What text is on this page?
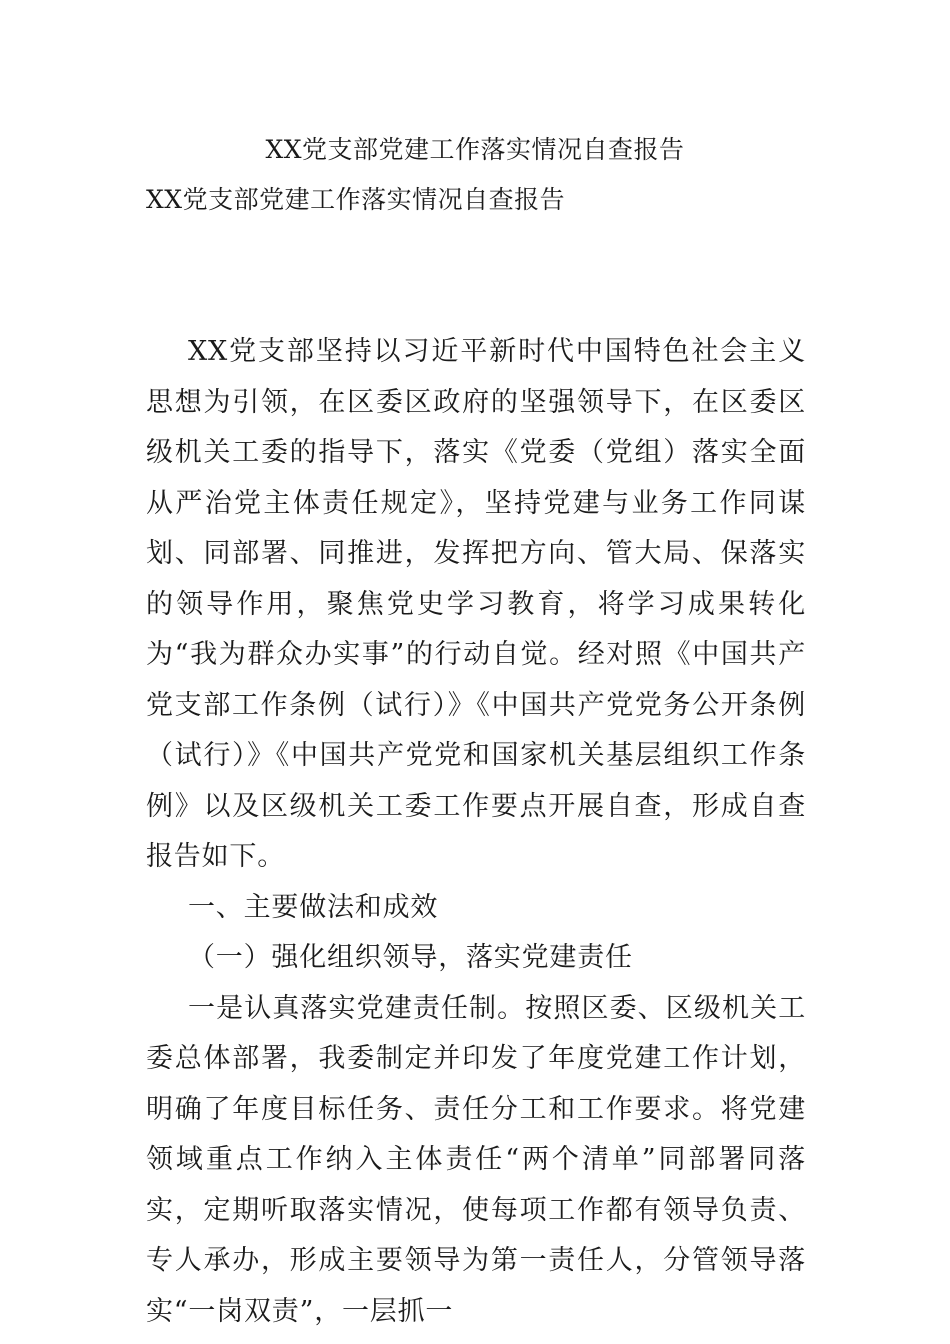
XX党支部党建工作落实情况自查报告
XX党支部党建工作落实情况自查报告

XX党支部坚持以习近平新时代中国特色社会主义思想为引领，在区委区政府的坚强领导下，在区委区级机关工委的指导下，落实《党委（党组）落实全面从严治党主体责任规定》，坚持党建与业务工作同谋划、同部署、同推进，发挥把方向、管大局、保落实的领导作用，聚焦党史学习教育，将学习成果转化为“我为群众办实事”的行动自觉。经对照《中国共产党支部工作条例（试行）》《中国共产党党务公开条例（试行）》《中国共产党党和国家机关基层组织工作条例》以及区级机关工委工作要点开展自查，形成自查报告如下。

一、主要做法和成效

（一）强化组织领导，落实党建责任

一是认真落实党建责任制。按照区委、区级机关工委总体部署，我委制定并印发了年度党建工作计划，明确了年度目标任务、责任分工和工作要求。将党建领域重点工作纳入主体责任“两个清单”同部署同落实，定期听取落实情况，使每项工作都有领导负责、专人承办，形成主要领导为第一责任人，分管领导落实“一岗双责”，一层抓一
